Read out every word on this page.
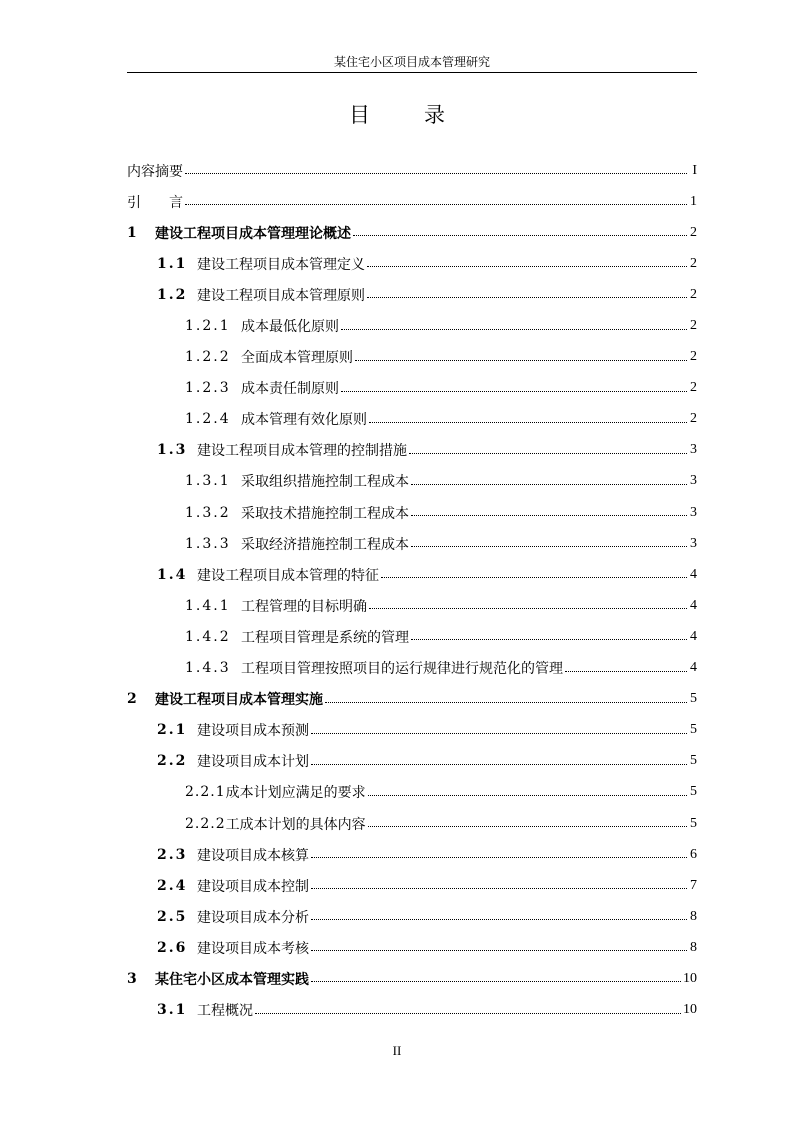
某住宅小区项目成本管理研究
目录
内容摘要	I
引　　言	1
1	建设工程项目成本管理理论概述	2
1.1 建设工程项目成本管理定义	2
1.2 建设工程项目成本管理原则	2
1.2.1 成本最低化原则	2
1.2.2 全面成本管理原则	2
1.2.3 成本责任制原则	2
1.2.4 成本管理有效化原则	2
1.3 建设工程项目成本管理的控制措施	3
1.3.1 采取组织措施控制工程成本	3
1.3.2 采取技术措施控制工程成本	3
1.3.3 采取经济措施控制工程成本	3
1.4 建设工程项目成本管理的特征	4
1.4.1 工程管理的目标明确	4
1.4.2 工程项目管理是系统的管理	4
1.4.3 工程项目管理按照项目的运行规律进行规范化的管理	4
2	建设工程项目成本管理实施	5
2.1 建设项目成本预测	5
2.2 建设项目成本计划	5
2.2.1 成本计划应满足的要求	5
2.2.2 工成本计划的具体内容	5
2.3 建设项目成本核算	6
2.4 建设项目成本控制	7
2.5 建设项目成本分析	8
2.6 建设项目成本考核	8
3	某住宅小区成本管理实践	10
3.1 工程概况	10
II
